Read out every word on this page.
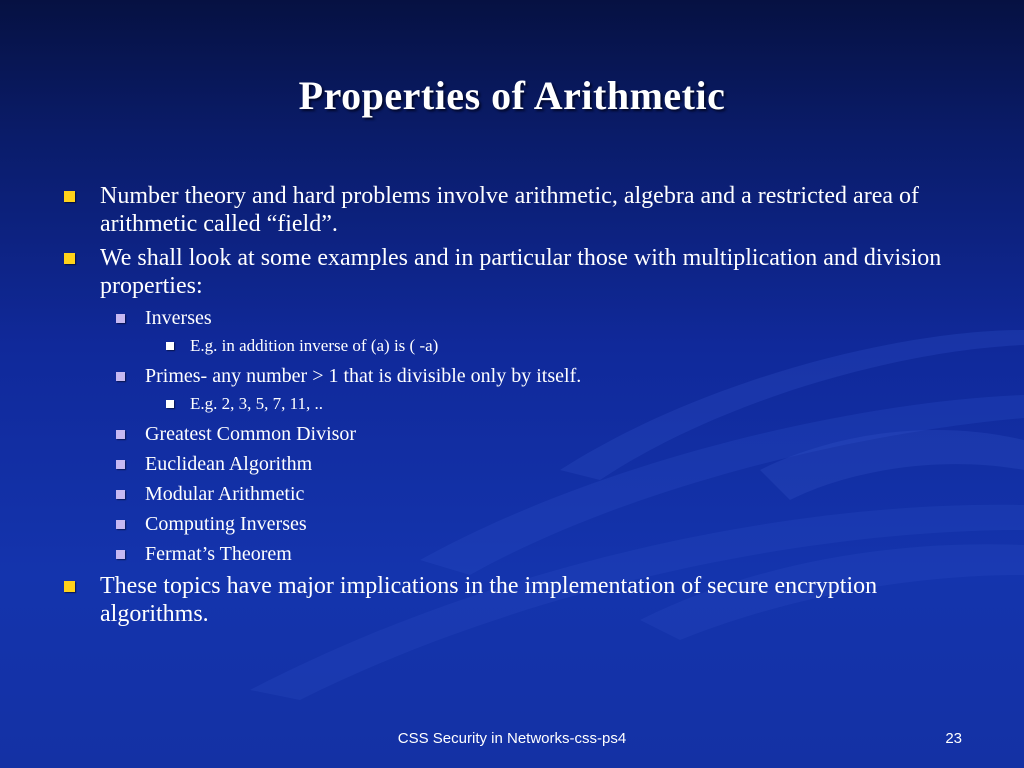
Properties of Arithmetic
Number theory and hard problems involve arithmetic, algebra and a restricted area of arithmetic called “field”.
We shall look at some examples and in particular those with multiplication and division properties:
Inverses
E.g. in addition inverse of (a) is ( -a)
Primes- any number > 1 that is divisible only by itself.
E.g. 2, 3, 5, 7, 11, ..
Greatest Common Divisor
Euclidean Algorithm
Modular Arithmetic
Computing Inverses
Fermat’s Theorem
These topics have major implications in the implementation of secure encryption algorithms.
CSS Security in Networks-css-ps4	23
